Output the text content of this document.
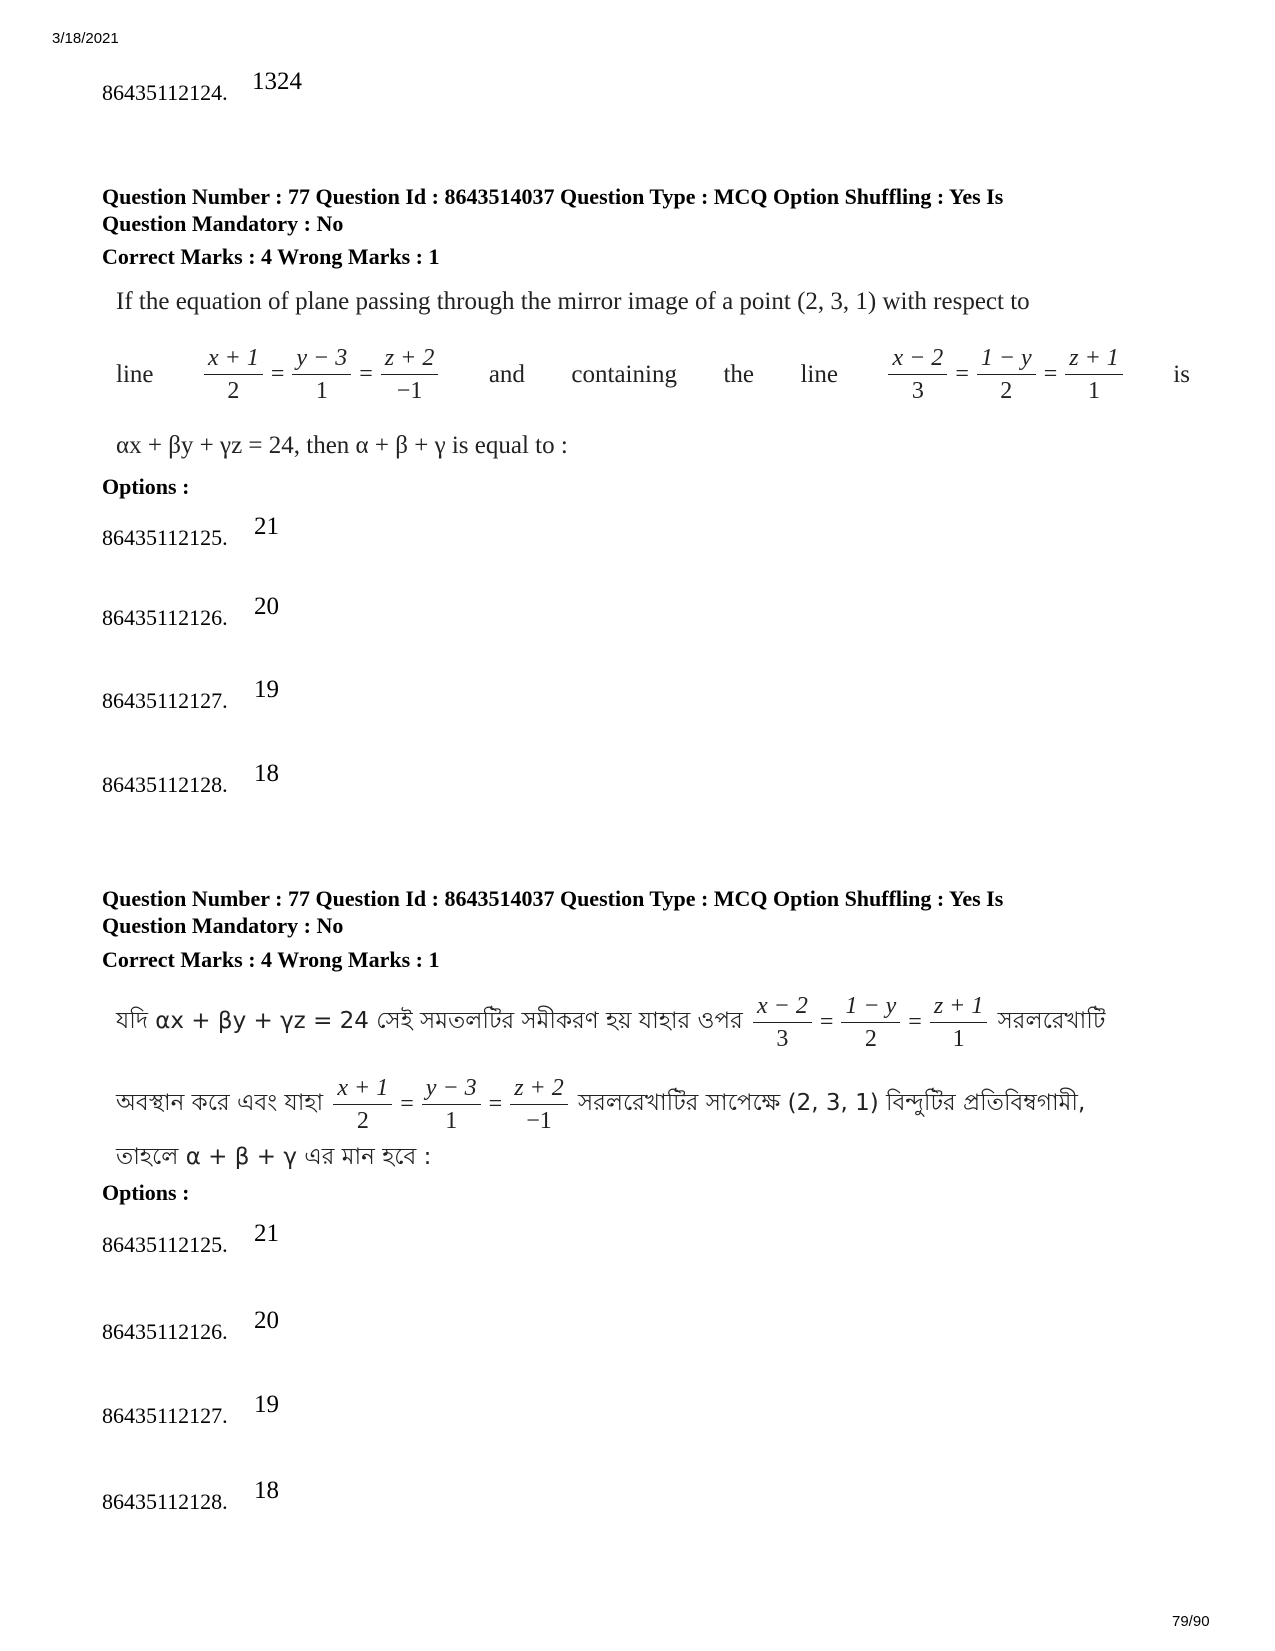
3/18/2021
86435112124. 1324
Question Number : 77 Question Id : 8643514037 Question Type : MCQ Option Shuffling : Yes Is
Question Mandatory : No
Correct Marks : 4 Wrong Marks : 1
If the equation of plane passing through the mirror image of a point (2, 3, 1) with respect to
line $\frac{x + 1}{2} = \frac{y - 3}{1} = \frac{z + 2}{-1}$ and containing the line $\frac{x - 2}{3} = \frac{1 - y}{2} = \frac{z + 1}{1}$ is
αx + βy + γz = 24, then α + β + γ is equal to :
Options :
86435112125. 21
86435112126. 20
86435112127. 19
86435112128. 18
Question Number : 77 Question Id : 8643514037 Question Type : MCQ Option Shuffling : Yes Is
Question Mandatory : No
Correct Marks : 4 Wrong Marks : 1
যদি αx + βy + γz = 24 সেই সমতলটির সমীকরণ হয় যাহার ওপর $\frac{x - 2}{3} = \frac{1 - y}{2} = \frac{z + 1}{1}$ সরলরেখাটি
অবস্থান করে এবং যাহা $\frac{x + 1}{2} = \frac{y - 3}{1} = \frac{z + 2}{-1}$ সরলরেখাটির সাপেক্ষে (2, 3, 1) বিন্দুটির প্রতিবিম্বগামী,
তাহলে α + β + γ এর মান হবে :
Options :
86435112125. 21
86435112126. 20
86435112127. 19
86435112128. 18
79/90
